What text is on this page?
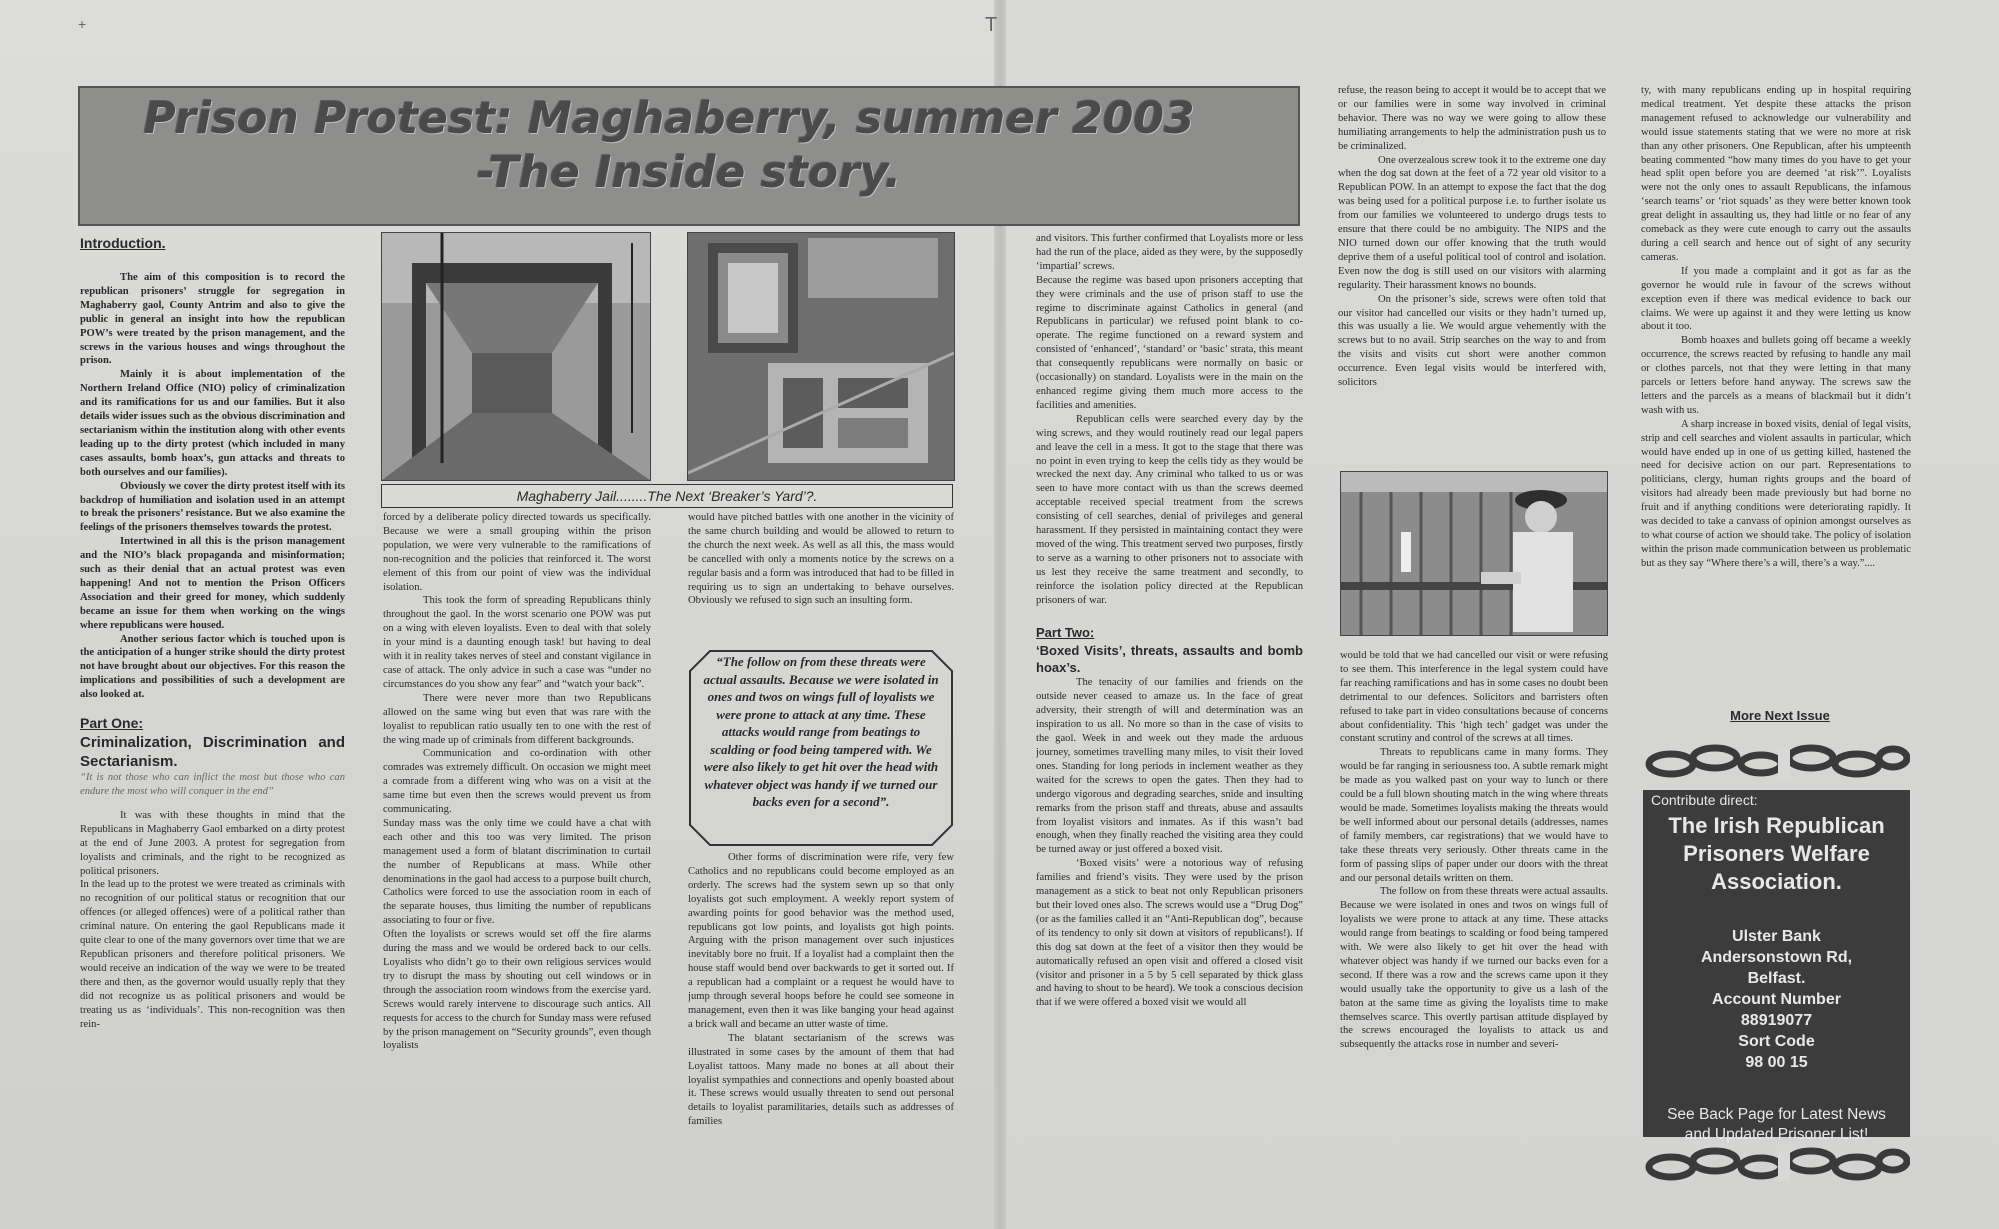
+	T
Prison Protest: Maghaberry, summer 2003
-The Inside story.

Introduction.

The aim of this composition is to record the republican prisoners’ struggle for segregation in Maghaberry gaol, County Antrim and also to give the public in general an insight into how the republican POW’s were treated by the prison management, and the screws in the various houses and wings throughout the prison.

Mainly it is about implementation of the Northern Ireland Office (NIO) policy of criminalization and its ramifications for us and our families. But it also details wider issues such as the obvious discrimination and sectarianism within the institution along with other events leading up to the dirty protest (which included in many cases assaults, bomb hoax’s, gun attacks and threats to both ourselves and our families).

Obviously we cover the dirty protest itself with its backdrop of humiliation and isolation used in an attempt to break the prisoners’ resistance. But we also examine the feelings of the prisoners themselves towards the protest.

Intertwined in all this is the prison management and the NIO’s black propaganda and misinformation; such as their denial that an actual protest was even happening! And not to mention the Prison Officers Association and their greed for money, which suddenly became an issue for them when working on the wings where republicans were housed.

Another serious factor which is touched upon is the anticipation of a hunger strike should the dirty protest not have brought about our objectives. For this reason the implications and possibilities of such a development are also looked at.

Part One:

Criminalization, Discrimination and Sectarianism.

“It is not those who can inflict the most but those who can endure the most who will conquer in the end”

It was with these thoughts in mind that the Republicans in Maghaberry Gaol embarked on a dirty protest at the end of June 2003. A protest for segregation from loyalists and criminals, and the right to be recognized as political prisoners.

In the lead up to the protest we were treated as criminals with no recognition of our political status or recognition that our offences (or alleged offences) were of a political rather than criminal nature. On entering the gaol Republicans made it quite clear to one of the many governors over time that we are Republican prisoners and therefore political prisoners. We would receive an indication of the way we were to be treated there and then, as the governor would usually reply that they did not recognize us as political prisoners and would be treating us as ‘individuals’. This non-recognition was then rein-

Maghaberry Jail........The Next ‘Breaker’s Yard’?.

forced by a deliberate policy directed towards us specifically. Because we were a small grouping within the prison population, we were very vulnerable to the ramifications of non-recognition and the policies that reinforced it. The worst element of this from our point of view was the individual isolation.

This took the form of spreading Republicans thinly throughout the gaol. In the worst scenario one POW was put on a wing with eleven loyalists. Even to deal with that solely in your mind is a daunting enough task! but having to deal with it in reality takes nerves of steel and constant vigilance in case of attack. The only advice in such a case was “under no circumstances do you show any fear” and “watch your back”.

There were never more than two Republicans allowed on the same wing but even that was rare with the loyalist to republican ratio usually ten to one with the rest of the wing made up of criminals from different backgrounds.

Communication and co-ordination with other comrades was extremely difficult. On occasion we might meet a comrade from a different wing who was on a visit at the same time but even then the screws would prevent us from communicating.

Sunday mass was the only time we could have a chat with each other and this too was very limited. The prison management used a form of blatant discrimination to curtail the number of Republicans at mass. While other denominations in the gaol had access to a purpose built church, Catholics were forced to use the association room in each of the separate houses, thus limiting the number of republicans associating to four or five.

Often the loyalists or screws would set off the fire alarms during the mass and we would be ordered back to our cells. Loyalists who didn’t go to their own religious services would try to disrupt the mass by shouting out cell windows or in through the association room windows from the exercise yard. Screws would rarely intervene to discourage such antics. All requests for access to the church for Sunday mass were refused by the prison management on “Security grounds”, even though loyalists

would have pitched battles with one another in the vicinity of the same church building and would be allowed to return to the church the next week. As well as all this, the mass would be cancelled with only a moments notice by the screws on a regular basis and a form was introduced that had to be filled in requiring us to sign an undertaking to behave ourselves. Obviously we refused to sign such an insulting form.

“The follow on from these threats were actual assaults. Because we were isolated in ones and twos on wings full of loyalists we were prone to attack at any time. These attacks would range from beatings to scalding or food being tampered with. We were also likely to get hit over the head with whatever object was handy if we turned our backs even for a second”.

Other forms of discrimination were rife, very few Catholics and no republicans could become employed as an orderly. The screws had the system sewn up so that only loyalists got such employment. A weekly report system of awarding points for good behavior was the method used, republicans got low points, and loyalists got high points. Arguing with the prison management over such injustices inevitably bore no fruit. If a loyalist had a complaint then the house staff would bend over backwards to get it sorted out. If a republican had a complaint or a request he would have to jump through several hoops before he could see someone in management, even then it was like banging your head against a brick wall and became an utter waste of time.

The blatant sectarianism of the screws was illustrated in some cases by the amount of them that had Loyalist tattoos. Many made no bones at all about their loyalist sympathies and connections and openly boasted about it. These screws would usually threaten to send out personal details to loyalist paramilitaries, details such as addresses of families

and visitors. This further confirmed that Loyalists more or less had the run of the place, aided as they were, by the supposedly ‘impartial’ screws.

Because the regime was based upon prisoners accepting that they were criminals and the use of prison staff to use the regime to discriminate against Catholics in general (and Republicans in particular) we refused point blank to co-operate. The regime functioned on a reward system and consisted of ‘enhanced’, ‘standard’ or ‘basic’ strata, this meant that consequently republicans were normally on basic or (occasionally) on standard. Loyalists were in the main on the enhanced regime giving them much more access to the facilities and amenities.

Republican cells were searched every day by the wing screws, and they would routinely read our legal papers and leave the cell in a mess. It got to the stage that there was no point in even trying to keep the cells tidy as they would be wrecked the next day. Any criminal who talked to us or was seen to have more contact with us than the screws deemed acceptable received special treatment from the screws consisting of cell searches, denial of privileges and general harassment. If they persisted in maintaining contact they were moved of the wing. This treatment served two purposes, firstly to serve as a warning to other prisoners not to associate with us lest they receive the same treatment and secondly, to reinforce the isolation policy directed at the Republican prisoners of war.

Part Two:

‘Boxed Visits’, threats, assaults and bomb hoax’s.

The tenacity of our families and friends on the outside never ceased to amaze us. In the face of great adversity, their strength of will and determination was an inspiration to us all. No more so than in the case of visits to the gaol. Week in and week out they made the arduous journey, sometimes travelling many miles, to visit their loved ones. Standing for long periods in inclement weather as they waited for the screws to open the gates. Then they had to undergo vigorous and degrading searches, snide and insulting remarks from the prison staff and threats, abuse and assaults from loyalist visitors and inmates. As if this wasn’t bad enough, when they finally reached the visiting area they could be turned away or just offered a boxed visit.

‘Boxed visits’ were a notorious way of refusing families and friend’s visits. They were used by the prison management as a stick to beat not only Republican prisoners but their loved ones also. The screws would use a “Drug Dog” (or as the families called it an “Anti-Republican dog”, because of its tendency to only sit down at visitors of republicans!). If this dog sat down at the feet of a visitor then they would be automatically refused an open visit and offered a closed visit (visitor and prisoner in a 5 by 5 cell separated by thick glass and having to shout to be heard). We took a conscious decision that if we were offered a boxed visit we would all

refuse, the reason being to accept it would be to accept that we or our families were in some way involved in criminal behavior. There was no way we were going to allow these humiliating arrangements to help the administration push us to be criminalized.

One overzealous screw took it to the extreme one day when the dog sat down at the feet of a 72 year old visitor to a Republican POW. In an attempt to expose the fact that the dog was being used for a political purpose i.e. to further isolate us from our families we volunteered to undergo drugs tests to ensure that there could be no ambiguity. The NIPS and the NIO turned down our offer knowing that the truth would deprive them of a useful political tool of control and isolation. Even now the dog is still used on our visitors with alarming regularity. Their harassment knows no bounds.

On the prisoner’s side, screws were often told that our visitor had cancelled our visits or they hadn’t turned up, this was usually a lie. We would argue vehemently with the screws but to no avail. Strip searches on the way to and from the visits and visits cut short were another common occurrence. Even legal visits would be interfered with, solicitors

would be told that we had cancelled our visit or were refusing to see them. This interference in the legal system could have far reaching ramifications and has in some cases no doubt been detrimental to our defences. Solicitors and barristers often refused to take part in video consultations because of concerns about confidentiality. This ‘high tech’ gadget was under the constant scrutiny and control of the screws at all times.

Threats to republicans came in many forms. They would be far ranging in seriousness too. A subtle remark might be made as you walked past on your way to lunch or there could be a full blown shouting match in the wing where threats would be made. Sometimes loyalists making the threats would be well informed about our personal details (addresses, names of family members, car registrations) that we would have to take these threats very seriously. Other threats came in the form of passing slips of paper under our doors with the threat and our personal details written on them.

The follow on from these threats were actual assaults. Because we were isolated in ones and twos on wings full of loyalists we were prone to attack at any time. These attacks would range from beatings to scalding or food being tampered with. We were also likely to get hit over the head with whatever object was handy if we turned our backs even for a second. If there was a row and the screws came upon it they would usually take the opportunity to give us a lash of the baton at the same time as giving the loyalists time to make themselves scarce. This overtly partisan attitude displayed by the screws encouraged the loyalists to attack us and subsequently the attacks rose in number and severi-

ty, with many republicans ending up in hospital requiring medical treatment. Yet despite these attacks the prison management refused to acknowledge our vulnerability and would issue statements stating that we were no more at risk than any other prisoners. One Republican, after his umpteenth beating commented “how many times do you have to get your head split open before you are deemed ‘at risk’”. Loyalists were not the only ones to assault Republicans, the infamous ‘search teams’ or ‘riot squads’ as they were better known took great delight in assaulting us, they had little or no fear of any comeback as they were cute enough to carry out the assaults during a cell search and hence out of sight of any security cameras.

If you made a complaint and it got as far as the governor he would rule in favour of the screws without exception even if there was medical evidence to back our claims. We were up against it and they were letting us know about it too.

Bomb hoaxes and bullets going off became a weekly occurrence, the screws reacted by refusing to handle any mail or clothes parcels, not that they were letting in that many parcels or letters before hand anyway. The screws saw the letters and the parcels as a means of blackmail but it didn’t wash with us.

A sharp increase in boxed visits, denial of legal visits, strip and cell searches and violent assaults in particular, which would have ended up in one of us getting killed, hastened the need for decisive action on our part. Representations to politicians, clergy, human rights groups and the board of visitors had already been made previously but had borne no fruit and if anything conditions were deteriorating rapidly. It was decided to take a canvass of opinion amongst ourselves as to what course of action we should take. The policy of isolation within the prison made communication between us problematic but as they say “Where there’s a will, there’s a way.”....

More Next Issue
Contribute direct:
The Irish Republican
Prisoners Welfare
Association.
Ulster Bank
Andersonstown Rd,
Belfast.
Account Number
88919077
Sort Code
98 00 15
See Back Page for Latest News
and Updated Prisoner List!
